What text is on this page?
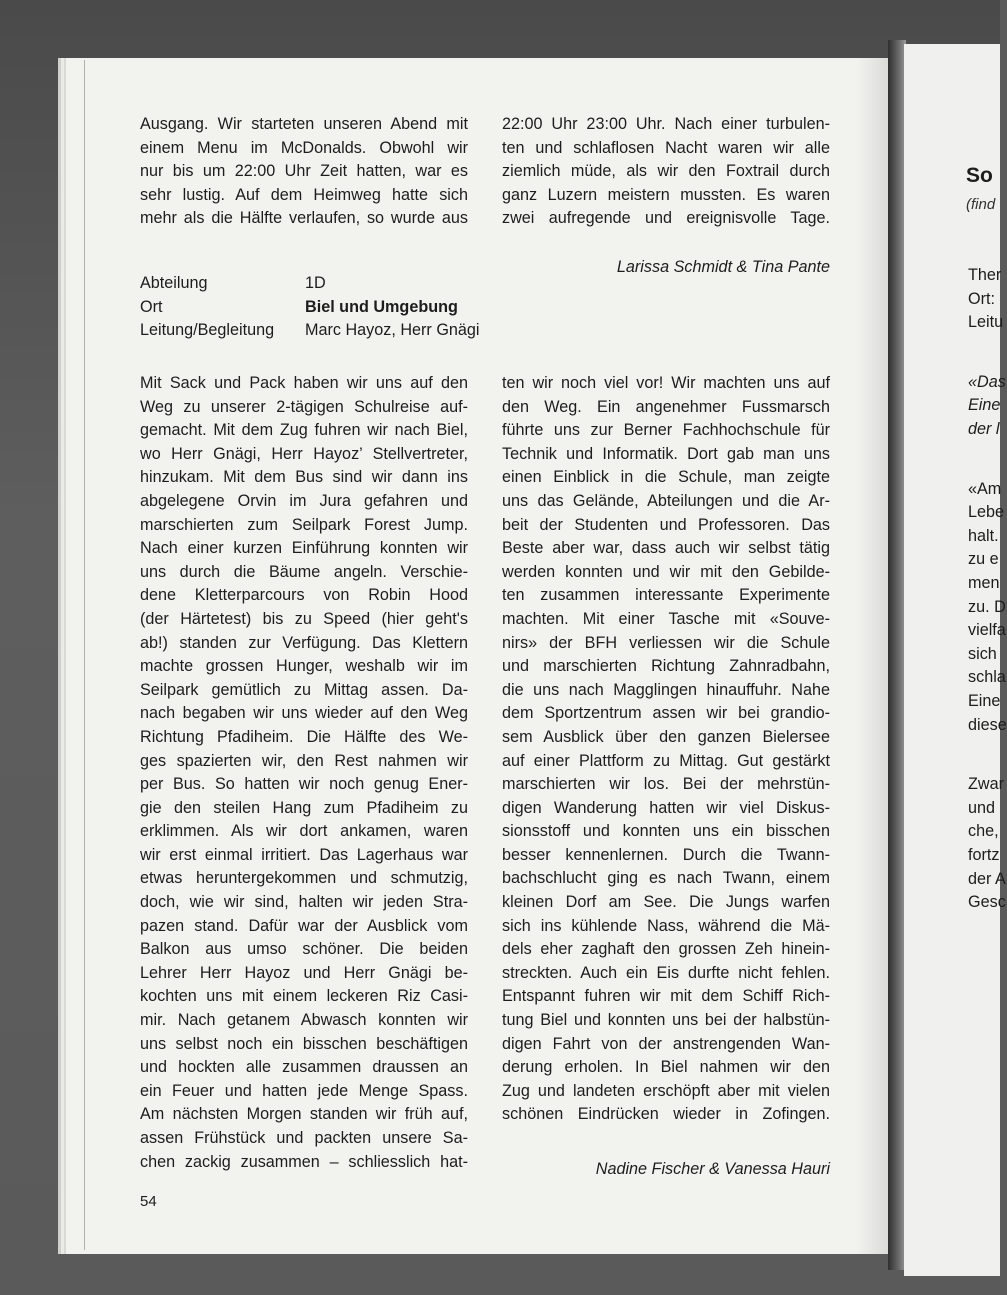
So
(find
Ther
Ort:
Leitu
«Das
Eine
der l
«Am
Lebe
halt.
zu e
men
zu. D
vielfa
sich
schla
Eine
diese
Zwar
und
che,
fortz
der A
Gesc
Ausgang. Wir starteten unseren Abend mit
einem Menu im McDonalds. Obwohl wir
nur bis um 22:00 Uhr Zeit hatten, war es
sehr lustig. Auf dem Heimweg hatte sich
mehr als die Hälfte verlaufen, so wurde aus
22:00 Uhr 23:00 Uhr. Nach einer turbulen-
ten und schlaflosen Nacht waren wir alle
ziemlich müde, als wir den Foxtrail durch
ganz Luzern meistern mussten. Es waren
zwei aufregende und ereignisvolle Tage.
Larissa Schmidt & Tina Pante
Abteilung	1D
Ort	Biel und Umgebung
Leitung/Begleitung	Marc Hayoz, Herr Gnägi
Mit Sack und Pack haben wir uns auf den
Weg zu unserer 2-tägigen Schulreise auf-
gemacht. Mit dem Zug fuhren wir nach Biel,
wo Herr Gnägi, Herr Hayoz’ Stellvertreter,
hinzukam. Mit dem Bus sind wir dann ins
abgelegene Orvin im Jura gefahren und
marschierten zum Seilpark Forest Jump.
Nach einer kurzen Einführung konnten wir
uns durch die Bäume angeln. Verschie-
dene Kletterparcours von Robin Hood
(der Härtetest) bis zu Speed (hier geht's
ab!) standen zur Verfügung. Das Klettern
machte grossen Hunger, weshalb wir im
Seilpark gemütlich zu Mittag assen. Da-
nach begaben wir uns wieder auf den Weg
Richtung Pfadiheim. Die Hälfte des We-
ges spazierten wir, den Rest nahmen wir
per Bus. So hatten wir noch genug Ener-
gie den steilen Hang zum Pfadiheim zu
erklimmen. Als wir dort ankamen, waren
wir erst einmal irritiert. Das Lagerhaus war
etwas heruntergekommen und schmutzig,
doch, wie wir sind, halten wir jeden Stra-
pazen stand. Dafür war der Ausblick vom
Balkon aus umso schöner. Die beiden
Lehrer Herr Hayoz und Herr Gnägi be-
kochten uns mit einem leckeren Riz Casi-
mir. Nach getanem Abwasch konnten wir
uns selbst noch ein bisschen beschäftigen
und hockten alle zusammen draussen an
ein Feuer und hatten jede Menge Spass.
Am nächsten Morgen standen wir früh auf,
assen Frühstück und packten unsere Sa-
chen zackig zusammen – schliesslich hat-
ten wir noch viel vor! Wir machten uns auf
den Weg. Ein angenehmer Fussmarsch
führte uns zur Berner Fachhochschule für
Technik und Informatik. Dort gab man uns
einen Einblick in die Schule, man zeigte
uns das Gelände, Abteilungen und die Ar-
beit der Studenten und Professoren. Das
Beste aber war, dass auch wir selbst tätig
werden konnten und wir mit den Gebilde-
ten zusammen interessante Experimente
machten. Mit einer Tasche mit «Souve-
nirs» der BFH verliessen wir die Schule
und marschierten Richtung Zahnradbahn,
die uns nach Magglingen hinauffuhr. Nahe
dem Sportzentrum assen wir bei grandio-
sem Ausblick über den ganzen Bielersee
auf einer Plattform zu Mittag. Gut gestärkt
marschierten wir los. Bei der mehrstün-
digen Wanderung hatten wir viel Diskus-
sionsstoff und konnten uns ein bisschen
besser kennenlernen. Durch die Twann-
bachschlucht ging es nach Twann, einem
kleinen Dorf am See. Die Jungs warfen
sich ins kühlende Nass, während die Mä-
dels eher zaghaft den grossen Zeh hinein-
streckten. Auch ein Eis durfte nicht fehlen.
Entspannt fuhren wir mit dem Schiff Rich-
tung Biel und konnten uns bei der halbstün-
digen Fahrt von der anstrengenden Wan-
derung erholen. In Biel nahmen wir den
Zug und landeten erschöpft aber mit vielen
schönen Eindrücken wieder in Zofingen.
Nadine Fischer & Vanessa Hauri
54
